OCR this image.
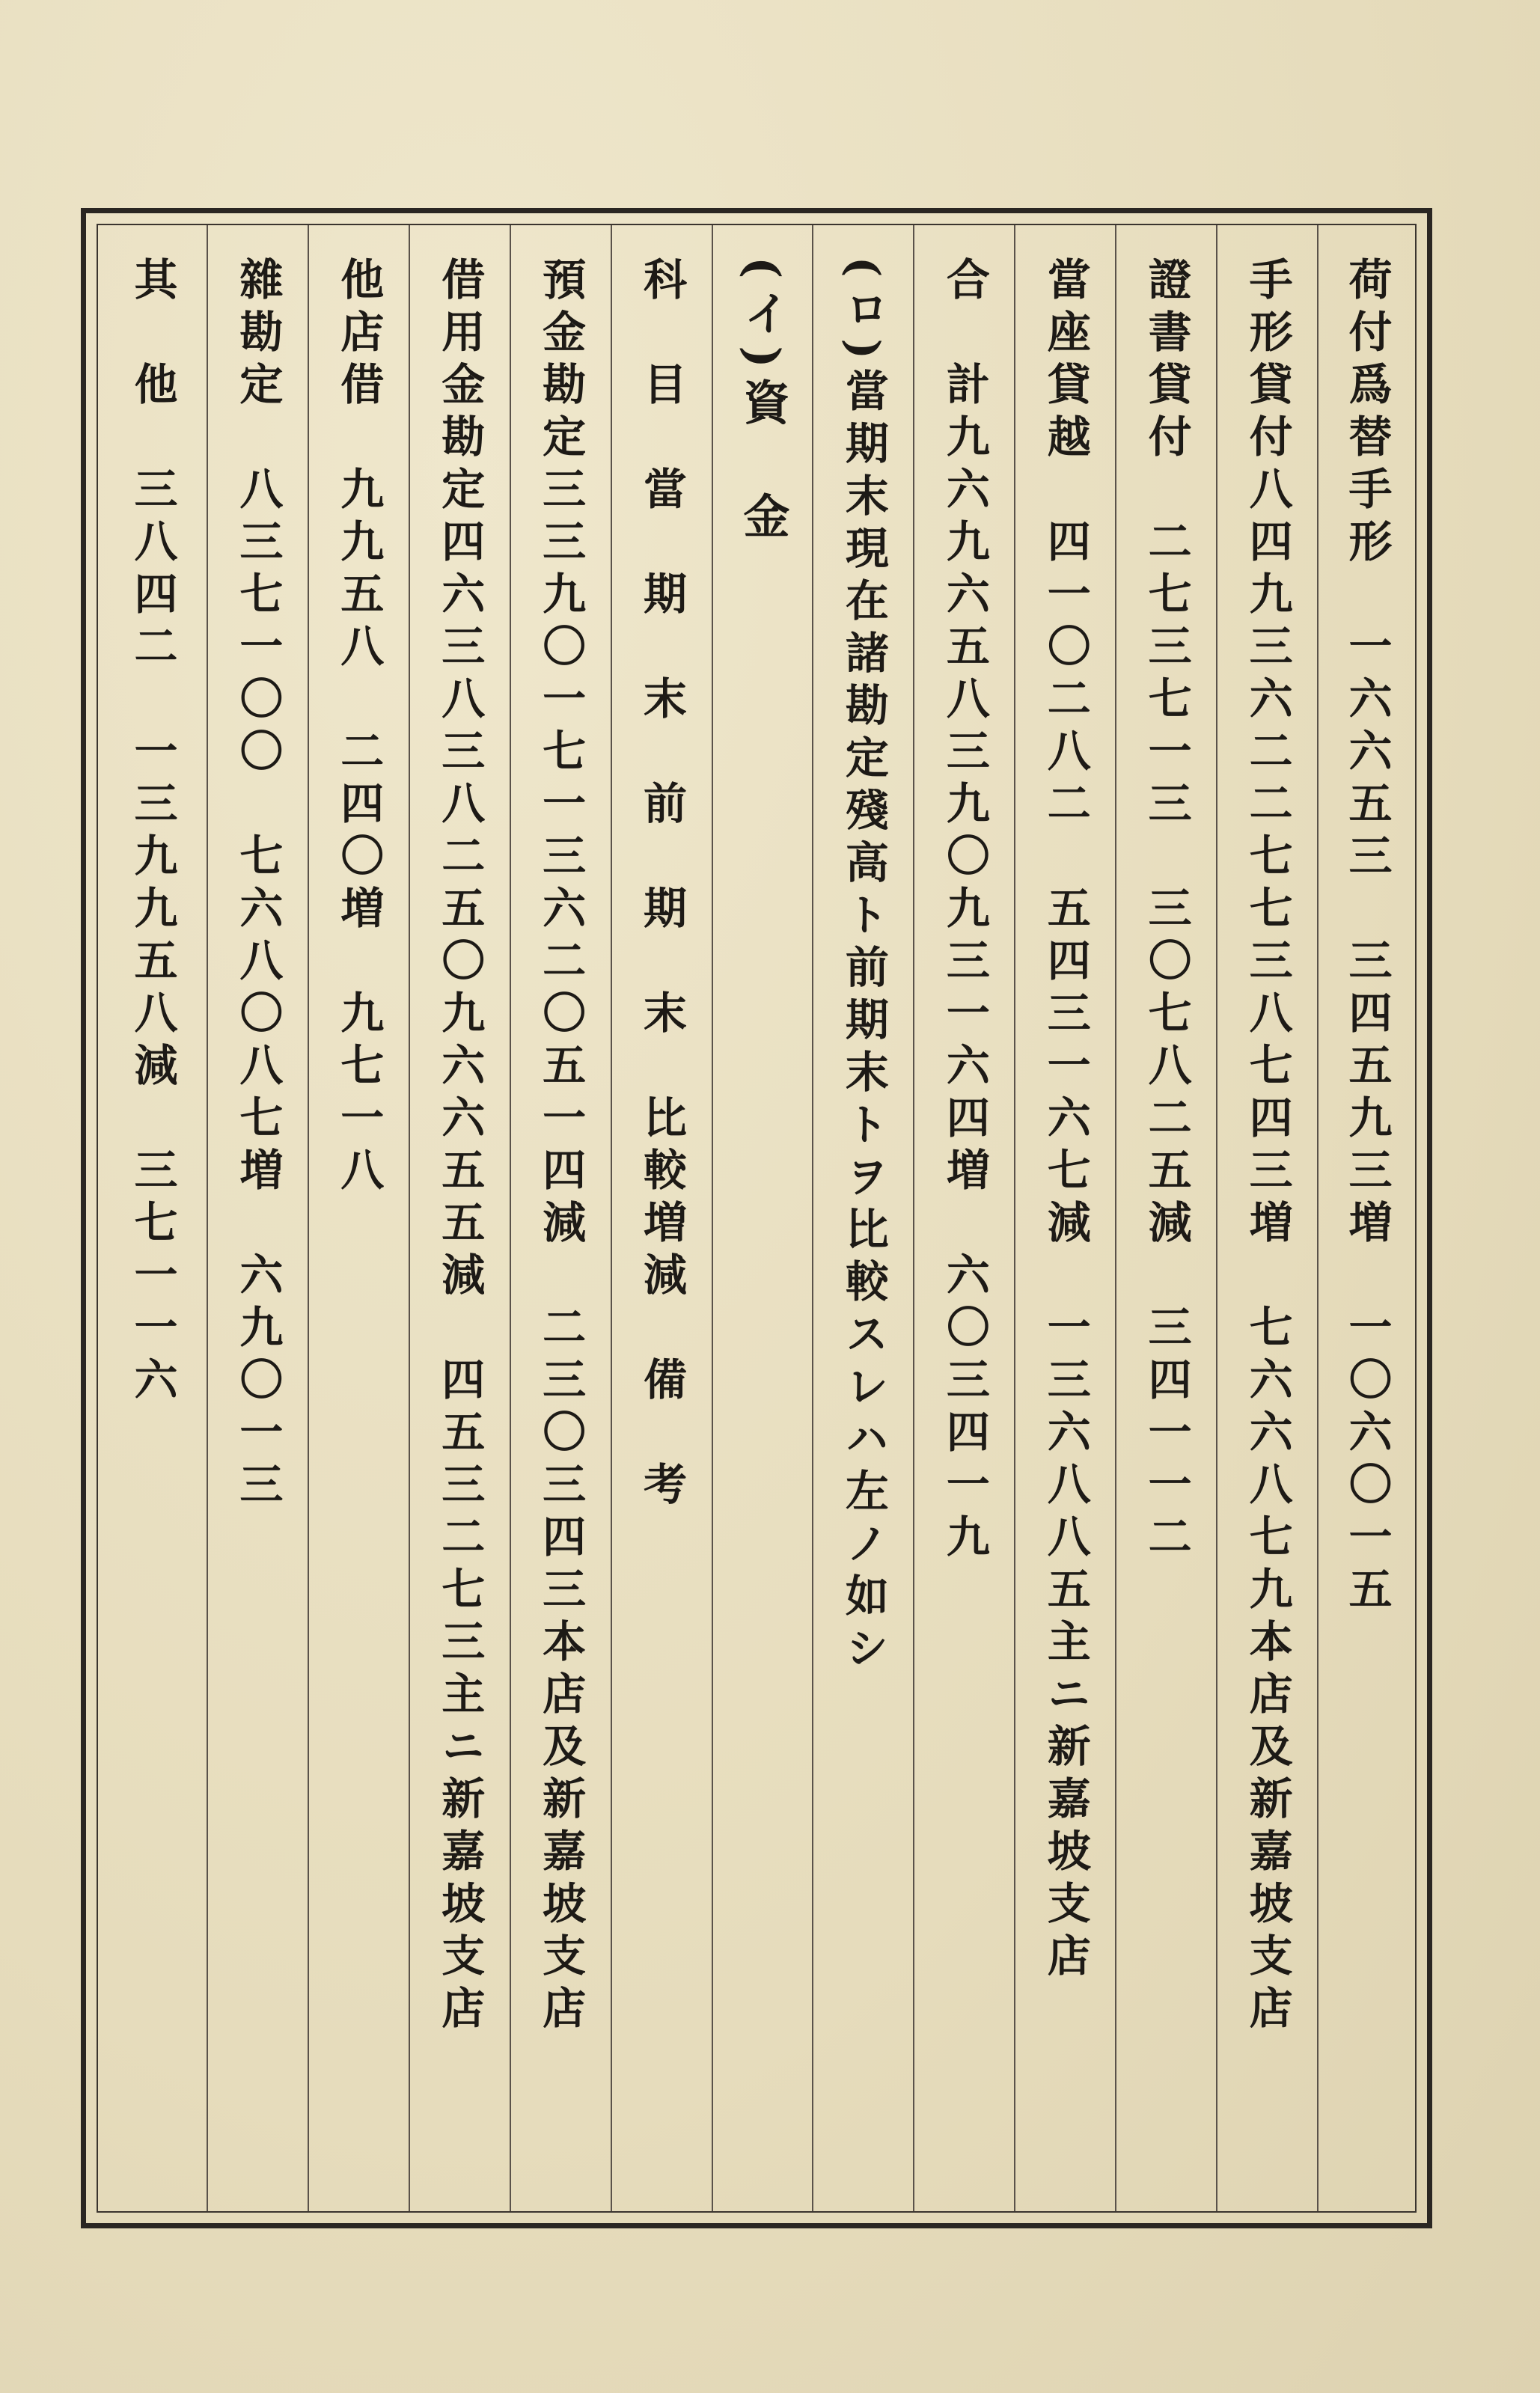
荷付爲替手形　一六六五三　三四五九三増　一〇六〇一五
手形貸付八四九三六二二七七三八七四三増　七六六八七九本店及新嘉坡支店
證書貸付　二七三七一三　三〇七八二五減　三四一一二
當座貸越　四一〇二八二　五四三一六七減　一三六八八五主ニ新嘉坡支店
合　計九六九六五八三九〇九三一六四増　六〇三四一九
(ロ)當期末現在諸勘定殘高ト前期末トヲ比較スレハ左ノ如シ
(イ)資　金
科　目　當　期　末　前　期　末　比較増減　備　考
預金勘定三三九〇一七一三六二〇五一四減　二三〇三四三本店及新嘉坡支店
借用金勘定四六三八三八二五〇九六六五五減　四五三二七三主ニ新嘉坡支店
他店借　九九五八　二四〇増　九七一八
雜勘定　八三七一〇〇　七六八〇八七増　六九〇一三
其　他　三八四二　一三九九五八減　三七一一六
